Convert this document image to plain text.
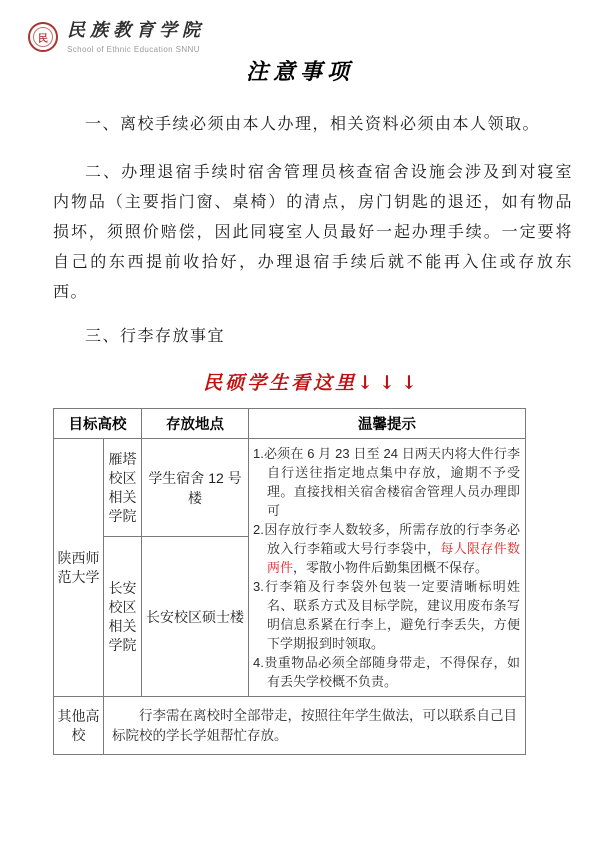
民 民族教育学院
School of Ethnic Education SNNU
注意事项

一、离校手续必须由本人办理，相关资料必须由本人领取。

二、办理退宿手续时宿舍管理员核查宿舍设施会涉及到对寝室内物品（主要指门窗、桌椅）的清点，房门钥匙的退还，如有物品损坏，须照价赔偿，因此同寝室人员最好一起办理手续。一定要将自己的东西提前收拾好，办理退宿手续后就不能再入住或存放东西。

三、行李存放事宜

民硕学生看这里↓↓↓
目标高校		存放地点	温馨提示
陕西师范大学	雁塔校区相关学院	学生宿舍 12 号楼	1.必须在 6 月 23 日至 24 日两天内将大件行李自行送往指定地点集中存放，逾期不予受理。直接找相关宿舍楼宿舍管理人员办理即可
2.因存放行李人数较多，所需存放的行李务必放入行李箱或大号行李袋中，每人限存件数两件，零散小物件后勤集团概不保存。
3.行李箱及行李袋外包装一定要清晰标明姓名、联系方式及目标学院，建议用废布条写明信息系紧在行李上，避免行李丢失，方便下学期报到时领取。
4.贵重物品必须全部随身带走，不得保存，如有丢失学校概不负责。

	长安校区相关学院	长安校区硕士楼	
其他高校	行李需在离校时全部带走，按照往年学生做法，可以联系自己目标院校的学长学姐帮忙存放。		
